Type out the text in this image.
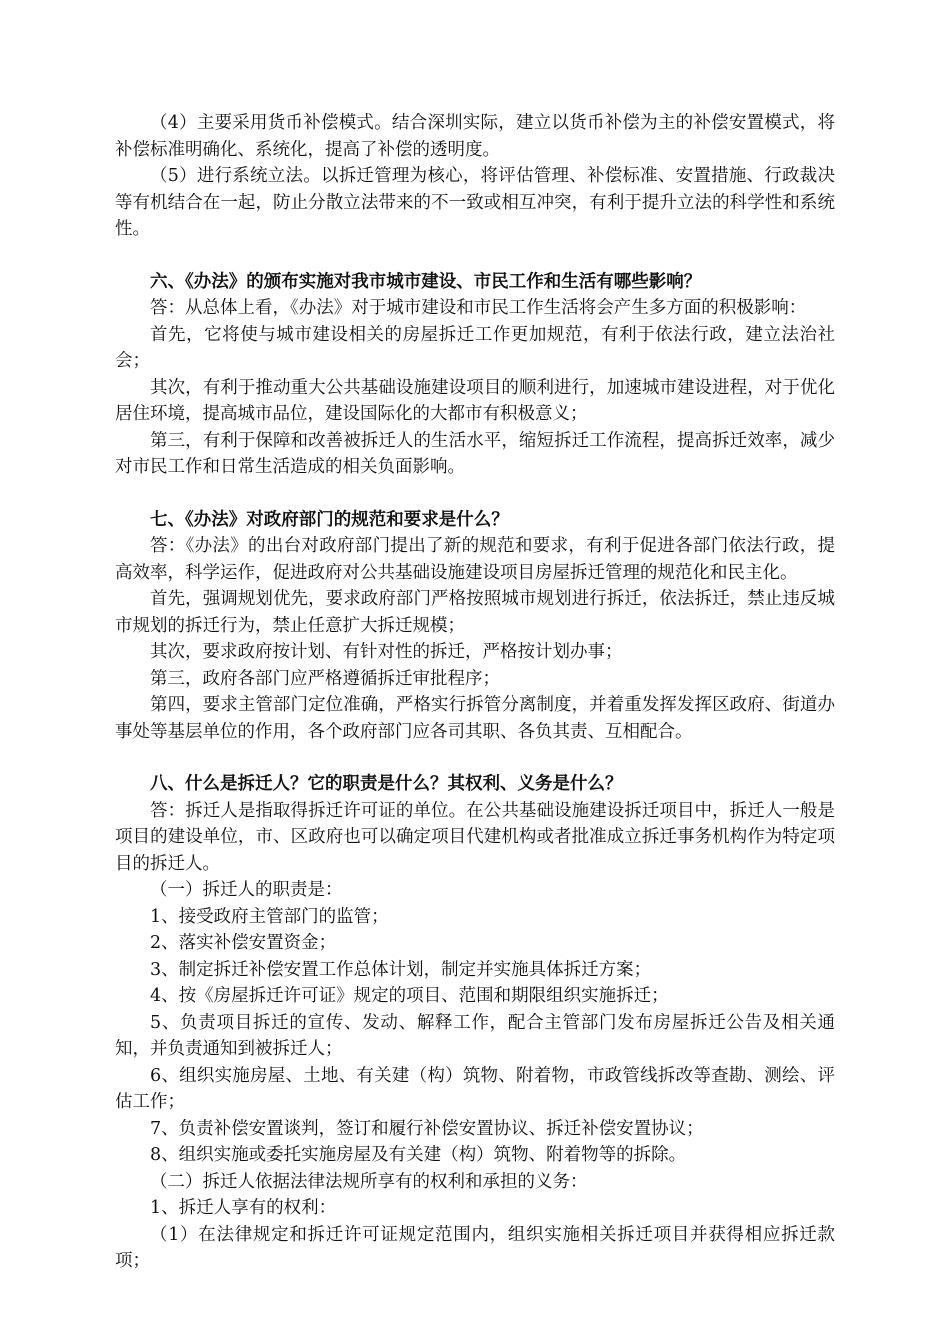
（4）主要采用货币补偿模式。结合深圳实际，建立以货币补偿为主的补偿安置模式，将补偿标准明确化、系统化，提高了补偿的透明度。

（5）进行系统立法。以拆迁管理为核心，将评估管理、补偿标准、安置措施、行政裁决等有机结合在一起，防止分散立法带来的不一致或相互冲突，有利于提升立法的科学性和系统性。

六、《办法》的颁布实施对我市城市建设、市民工作和生活有哪些影响？

答：从总体上看，《办法》对于城市建设和市民工作生活将会产生多方面的积极影响：

首先，它将使与城市建设相关的房屋拆迁工作更加规范，有利于依法行政，建立法治社会；

其次，有利于推动重大公共基础设施建设项目的顺利进行，加速城市建设进程，对于优化居住环境，提高城市品位，建设国际化的大都市有积极意义；

第三，有利于保障和改善被拆迁人的生活水平，缩短拆迁工作流程，提高拆迁效率，减少对市民工作和日常生活造成的相关负面影响。

七、《办法》对政府部门的规范和要求是什么？

答：《办法》的出台对政府部门提出了新的规范和要求，有利于促进各部门依法行政，提高效率，科学运作，促进政府对公共基础设施建设项目房屋拆迁管理的规范化和民主化。

首先，强调规划优先，要求政府部门严格按照城市规划进行拆迁，依法拆迁，禁止违反城市规划的拆迁行为，禁止任意扩大拆迁规模；

其次，要求政府按计划、有针对性的拆迁，严格按计划办事；

第三，政府各部门应严格遵循拆迁审批程序；

第四，要求主管部门定位准确，严格实行拆管分离制度，并着重发挥发挥区政府、街道办事处等基层单位的作用，各个政府部门应各司其职、各负其责、互相配合。

八、什么是拆迁人？它的职责是什么？其权利、义务是什么？

答：拆迁人是指取得拆迁许可证的单位。在公共基础设施建设拆迁项目中，拆迁人一般是项目的建设单位，市、区政府也可以确定项目代建机构或者批准成立拆迁事务机构作为特定项目的拆迁人。

（一）拆迁人的职责是：

1、接受政府主管部门的监管；

2、落实补偿安置资金；

3、制定拆迁补偿安置工作总体计划，制定并实施具体拆迁方案；

4、按《房屋拆迁许可证》规定的项目、范围和期限组织实施拆迁；

5、负责项目拆迁的宣传、发动、解释工作，配合主管部门发布房屋拆迁公告及相关通知，并负责通知到被拆迁人；

6、组织实施房屋、土地、有关建（构）筑物、附着物，市政管线拆改等查勘、测绘、评估工作；

7、负责补偿安置谈判，签订和履行补偿安置协议、拆迁补偿安置协议；

8、组织实施或委托实施房屋及有关建（构）筑物、附着物等的拆除。

（二）拆迁人依据法律法规所享有的权利和承担的义务：

1、拆迁人享有的权利：

（1）在法律规定和拆迁许可证规定范围内，组织实施相关拆迁项目并获得相应拆迁款项；
